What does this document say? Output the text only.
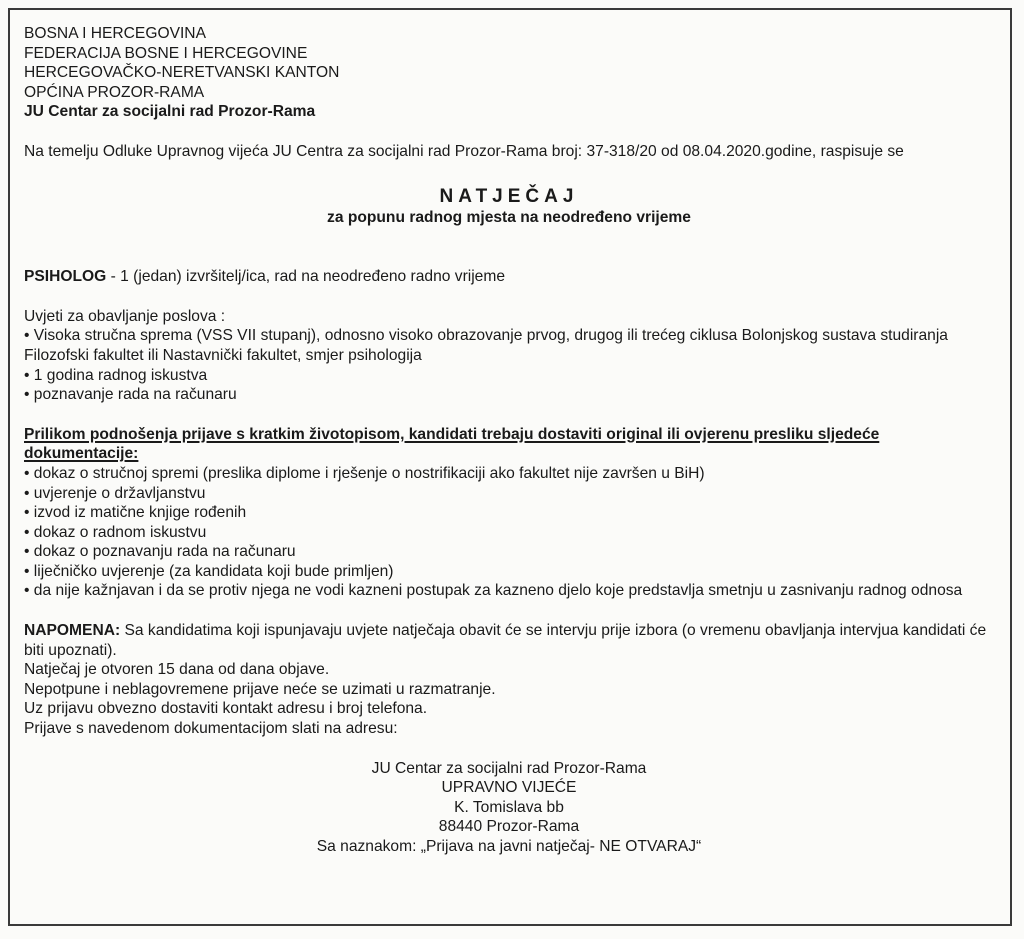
BOSNA I HERCEGOVINA
FEDERACIJA BOSNE I HERCEGOVINE
HERCEGOVAČKO-NERETVANSKI KANTON
OPĆINA PROZOR-RAMA
JU Centar za socijalni rad Prozor-Rama
Na temelju Odluke Upravnog vijeća JU Centra za socijalni rad Prozor-Rama broj: 37-318/20 od 08.04.2020.godine, raspisuje se
NATJEČAJ
za popunu radnog mjesta na neodređeno vrijeme
PSIHOLOG - 1 (jedan) izvršitelj/ica, rad na neodređeno radno vrijeme
Uvjeti za obavljanje poslova :
• Visoka stručna sprema (VSS VII stupanj), odnosno visoko obrazovanje prvog, drugog ili trećeg ciklusa Bolonjskog sustava studiranja Filozofski fakultet ili Nastavnički fakultet, smjer psihologija
• 1 godina radnog iskustva
• poznavanje rada na računaru
Prilikom podnošenja prijave s kratkim životopisom, kandidati trebaju dostaviti original ili ovjerenu presliku sljedeće dokumentacije:
• dokaz o stručnoj spremi (preslika diplome i rješenje o nostrifikaciji ako fakultet nije završen u BiH)
• uvjerenje o državljanstvu
• izvod iz matične knjige rođenih
• dokaz o radnom iskustvu
• dokaz o poznavanju rada na računaru
• liječničko uvjerenje (za kandidata koji bude primljen)
• da nije kažnjavan i da se protiv njega ne vodi kazneni postupak za kazneno djelo koje predstavlja smetnju u zasnivanju radnog odnosa
NAPOMENA: Sa kandidatima koji ispunjavaju uvjete natječaja obavit će se intervju prije izbora (o vremenu obavljanja intervjua kandidati će biti upoznati).
Natječaj je otvoren 15 dana od dana objave.
Nepotpune i neblagovremene prijave neće se uzimati u razmatranje.
Uz prijavu obvezno dostaviti kontakt adresu i broj telefona.
Prijave s navedenom dokumentacijom slati na adresu:
JU Centar za socijalni rad Prozor-Rama
UPRAVNO VIJEĆE
K. Tomislava bb
88440 Prozor-Rama
Sa naznakom: „Prijava na javni natječaj- NE OTVARAJ“
